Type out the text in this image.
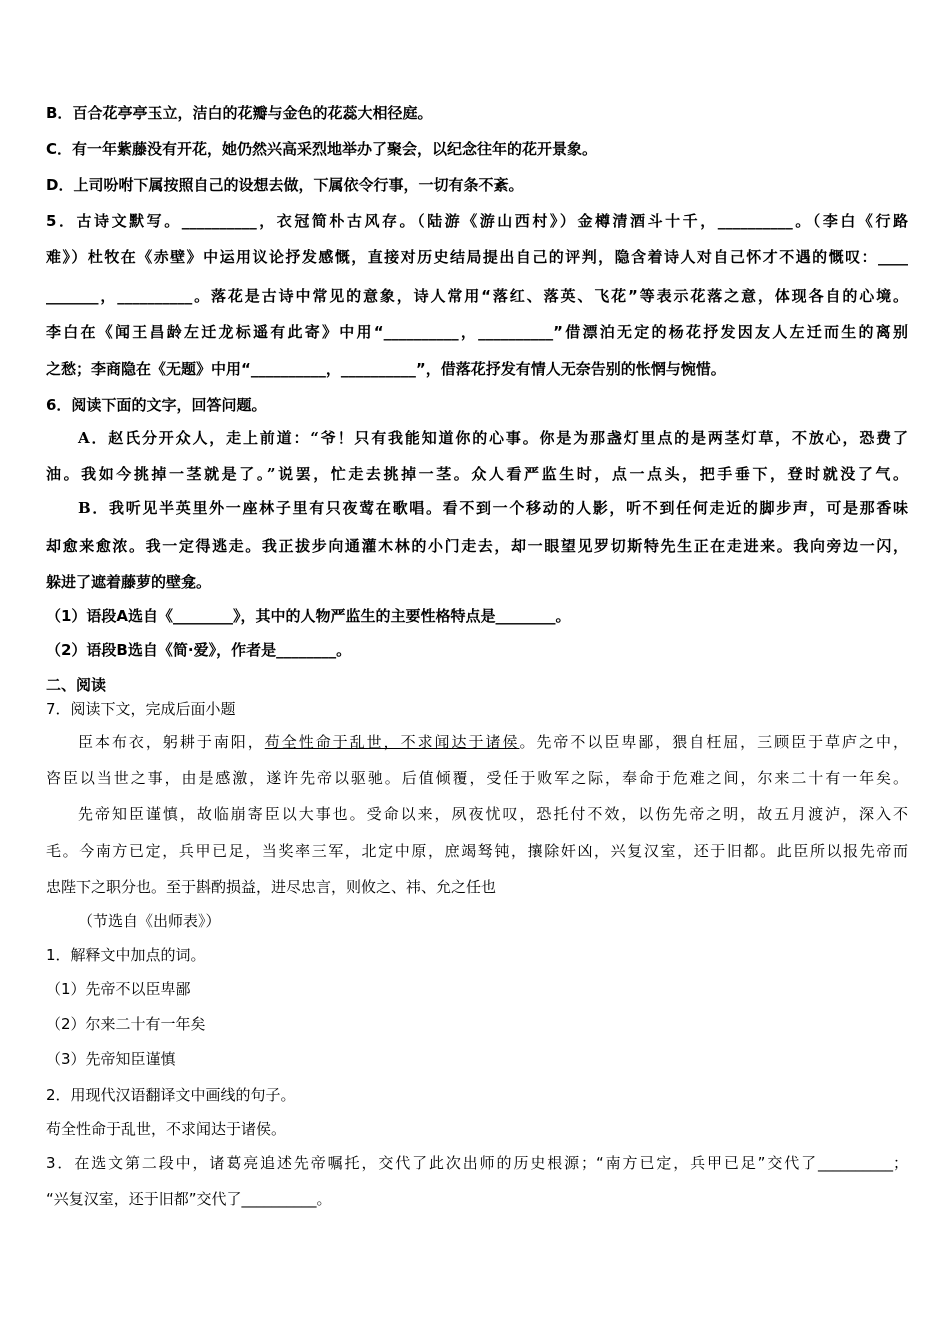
B．百合花亭亭玉立，洁白的花瓣与金色的花蕊大相径庭。
C．有一年紫藤没有开花，她仍然兴高采烈地举办了聚会，以纪念往年的花开景象。
D．上司吩咐下属按照自己的设想去做，下属依令行事，一切有条不紊。
5．古诗文默写。__________，衣冠简朴古风存。（陆游《游山西村》）金樽清酒斗十千，__________。（李白《行路
难》）杜牧在《赤壁》中运用议论抒发感慨，直接对历史结局提出自己的评判，隐含着诗人对自己怀才不遇的慨叹：____
_______，__________。落花是古诗中常见的意象，诗人常用“落红、落英、飞花”等表示花落之意，体现各自的心境。
李白在《闻王昌龄左迁龙标遥有此寄》中用“__________，__________”借漂泊无定的杨花抒发因友人左迁而生的离别
之愁；李商隐在《无题》中用“__________，__________”，借落花抒发有情人无奈告别的怅惘与惋惜。
6．阅读下面的文字，回答问题。
A．赵氏分开众人，走上前道：“爷！只有我能知道你的心事。你是为那盏灯里点的是两茎灯草，不放心，恐费了
油。我如今挑掉一茎就是了。”说罢，忙走去挑掉一茎。众人看严监生时，点一点头，把手垂下，登时就没了气。
B．我听见半英里外一座林子里有只夜莺在歌唱。看不到一个移动的人影，听不到任何走近的脚步声，可是那香味
却愈来愈浓。我一定得逃走。我正拔步向通灌木林的小门走去，却一眼望见罗切斯特先生正在走进来。我向旁边一闪，
躲进了遮着藤萝的壁龛。
（1）语段A选自《________》，其中的人物严监生的主要性格特点是________。
（2）语段B选自《简·爱》，作者是________。
二、阅读
7．阅读下文，完成后面小题
臣本布衣，躬耕于南阳，苟全性命于乱世，不求闻达于诸侯。先帝不以臣卑鄙，猥自枉屈，三顾臣于草庐之中，
咨臣以当世之事，由是感激，遂许先帝以驱驰。后值倾覆，受任于败军之际，奉命于危难之间，尔来二十有一年矣。
先帝知臣谨慎，故临崩寄臣以大事也。受命以来，夙夜忧叹，恐托付不效，以伤先帝之明，故五月渡泸，深入不
毛。今南方已定，兵甲已足，当奖率三军，北定中原，庶竭驽钝，攘除奸凶，兴复汉室，还于旧都。此臣所以报先帝而
忠陛下之职分也。至于斟酌损益，进尽忠言，则攸之、祎、允之任也
（节选自《出师表》）
1．解释文中加点的词。
（1）先帝不以臣卑鄙
（2）尔来二十有一年矣
（3）先帝知臣谨慎
2．用现代汉语翻译文中画线的句子。
苟全性命于乱世，不求闻达于诸侯。
3．在选文第二段中，诸葛亮追述先帝嘱托，交代了此次出师的历史根源；“南方已定，兵甲已足”交代了__________；
“兴复汉室，还于旧都”交代了__________。
